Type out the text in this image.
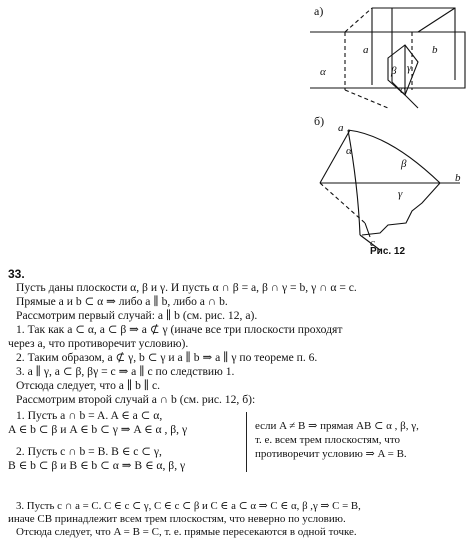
а)
α
a	b
β γ
c
б) a
α
β
γ
b
c
Рис. 12
33.
Пусть даны плоскости α, β и γ. И пусть α ∩ β = a, β ∩ γ = b, γ ∩ α = c.
Прямые a и b ⊂ α ⇒ либо a ∥ b, либо a ∩ b.
Рассмотрим первый случай: a ∥ b (см. рис. 12, а).
1. Так как a ⊂ α, a ⊂ β ⇒ a ⊄ γ (иначе все три плоскости проходят
через a, что противоречит условию).
2. Таким образом, a ⊄ γ, b ⊂ γ и a ∥ b ⇒ a ∥ γ по теореме п. 6.
3. a ∥ γ, a ⊂ β, βγ = c ⇒ a ∥ c по следствию 1.
Отсюда следует, что a ∥ b ∥ c.
Рассмотрим второй случай a ∩ b (см. рис. 12, б):
1. Пусть a ∩ b = A. A ∈ a ⊂ α,
A ∈ b ⊂ β и A ∈ b ⊂ γ ⇒ A ∈ α , β, γ
2. Пусть c ∩ b = B. B ∈ c ⊂ γ,
B ∈ b ⊂ β и B ∈ b ⊂ α ⇒ B ∈ α, β, γ
если A ≠ B ⇒ прямая AB ⊂ α , β, γ,
т. е. всем трем плоскостям, что
противоречит условию ⇒ A = B.
3. Пусть c ∩ a = C. C ∈ c ⊂ γ, C ∈ c ⊂ β и C ∈ a ⊂ α ⇒ C ∈ α, β ,γ ⇒ C = B,
иначе CB принадлежит всем трем плоскостям, что неверно по условию.
Отсюда следует, что A = B = C, т. е. прямые пересекаются в одной точке.
